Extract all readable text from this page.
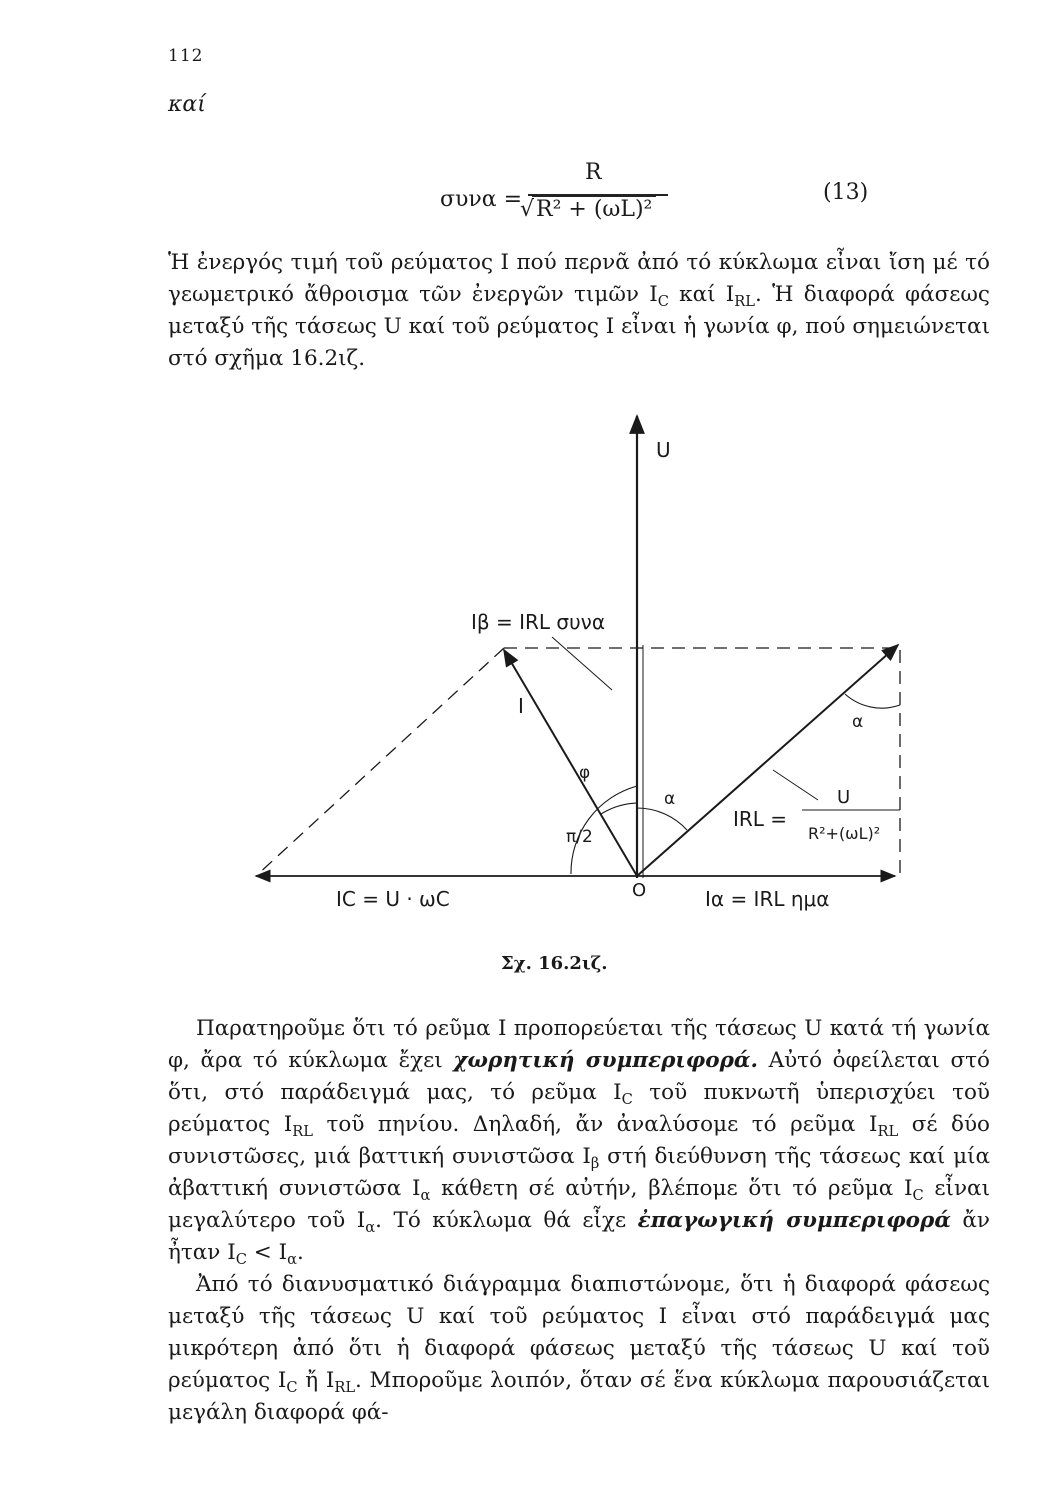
112
καί
συνα =
R
√R² + (ωL)²
(13)

Ἡ ἐνεργός τιμή τοῦ ρεύματος I πού περνᾶ ἀπό τό κύκλωμα εἶναι ἴση μέ τό γεωμετρικό ἄθροισμα τῶν ἐνεργῶν τιμῶν $I_C$ καί $I_{RL}$. Ἡ διαφορά φάσεως μεταξύ τῆς τάσεως U καί τοῦ ρεύματος I εἶναι ἡ γωνία φ, πού σημειώνεται στό σχῆμα 16.2ιζ.

U
I
φ
α
α
π/2
O
Iβ = IRL συνα
IRL =
U
R²+(ωL)²
IC = U · ωC	Iα = IRL ημα
Σχ. 16.2ιζ.

Παρατηροῦμε ὅτι τό ρεῦμα I προπορεύεται τῆς τάσεως U κατά τή γωνία φ, ἄρα τό κύκλωμα ἔχει χωρητική συμπεριφορά. Αὐτό ὀφείλεται στό ὅτι, στό παράδειγμά μας, τό ρεῦμα $I_C$ τοῦ πυκνωτῆ ὑπερισχύει τοῦ ρεύματος $I_{RL}$ τοῦ πηνίου. Δηλαδή, ἄν ἀναλύσομε τό ρεῦμα $I_{RL}$ σέ δύο συνιστῶσες, μιά βαττική συνιστῶσα $I_\beta$ στή διεύθυνση τῆς τάσεως καί μία ἀβαττική συνιστῶσα $I_\alpha$ κάθετη σέ αὐτήν, βλέπομε ὅτι τό ρεῦμα $I_C$ εἶναι μεγαλύτερο τοῦ $I_\alpha$. Τό κύκλωμα θά εἶχε ἐπαγωγική συμπεριφορά ἄν ἦταν $I_C < I_\alpha$.

Ἀπό τό διανυσματικό διάγραμμα διαπιστώνομε, ὅτι ἡ διαφορά φάσεως μεταξύ τῆς τάσεως U καί τοῦ ρεύματος I εἶναι στό παράδειγμά μας μικρότερη ἀπό ὅτι ἡ διαφορά φάσεως μεταξύ τῆς τάσεως U καί τοῦ ρεύματος $I_C$ ἤ $I_{RL}$. Μποροῦμε λοιπόν, ὅταν σέ ἕνα κύκλωμα παρουσιάζεται μεγάλη διαφορά φά-
